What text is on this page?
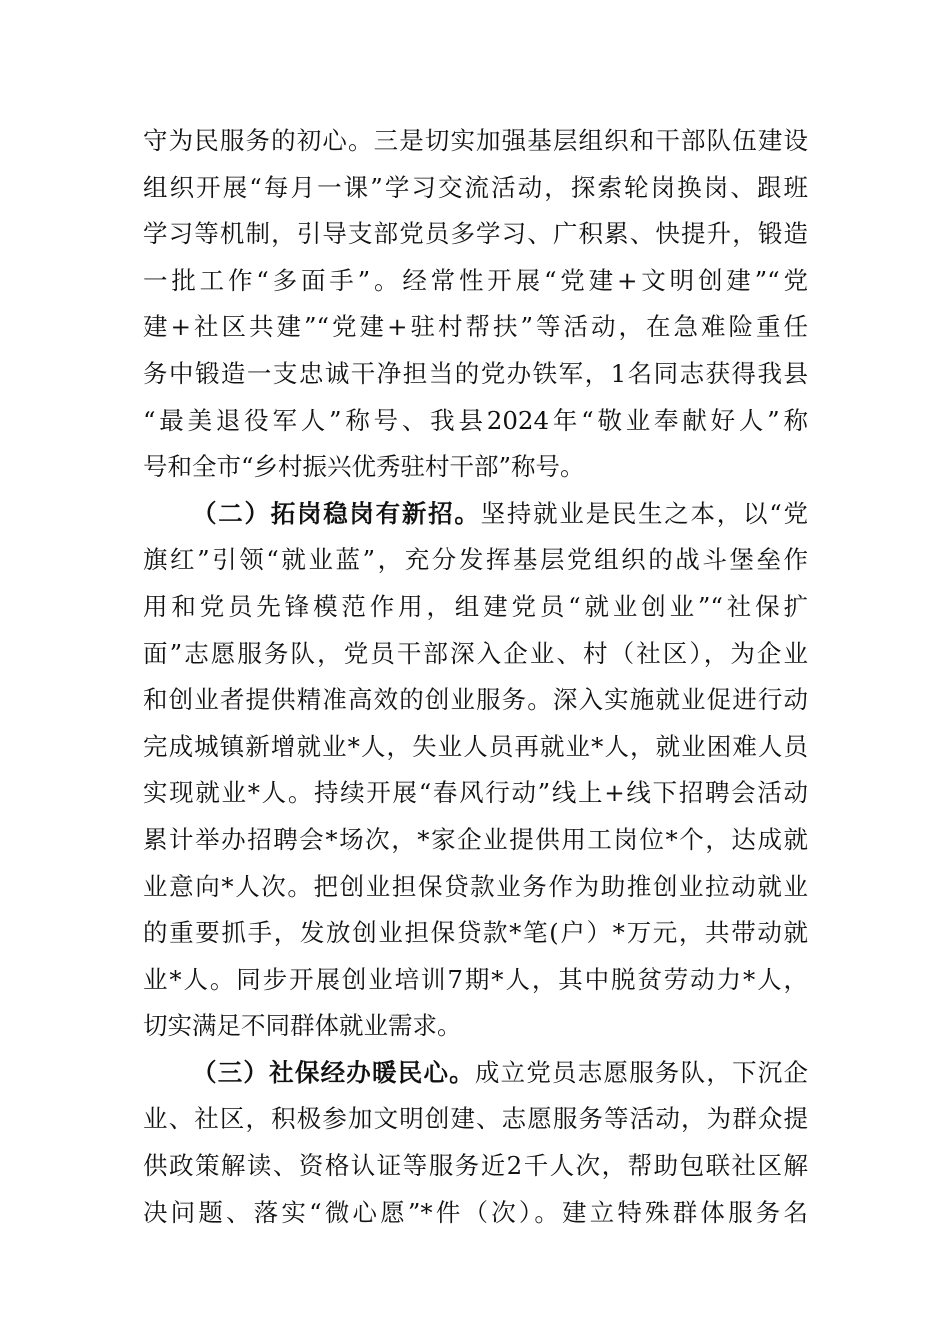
守为民服务的初心。三是切实加强基层组织和干部队伍建设
组织开展“每月一课”学习交流活动，探索轮岗换岗、跟班
学习等机制，引导支部党员多学习、广积累、快提升，锻造
一批工作“多面手”。经常性开展“党建+文明创建”“党
建+社区共建”“党建+驻村帮扶”等活动，在急难险重任
务中锻造一支忠诚干净担当的党办铁军，1名同志获得我县
“最美退役军人”称号、我县2024年“敬业奉献好人”称
号和全市“乡村振兴优秀驻村干部”称号。
（二）拓岗稳岗有新招。坚持就业是民生之本，以“党
旗红”引领“就业蓝”，充分发挥基层党组织的战斗堡垒作
用和党员先锋模范作用，组建党员“就业创业”“社保扩
面”志愿服务队，党员干部深入企业、村（社区），为企业
和创业者提供精准高效的创业服务。深入实施就业促进行动
完成城镇新增就业*人，失业人员再就业*人，就业困难人员
实现就业*人。持续开展“春风行动”线上+线下招聘会活动
累计举办招聘会*场次，*家企业提供用工岗位*个，达成就
业意向*人次。把创业担保贷款业务作为助推创业拉动就业
的重要抓手，发放创业担保贷款*笔(户）*万元，共带动就
业*人。同步开展创业培训7期*人，其中脱贫劳动力*人，
切实满足不同群体就业需求。
（三）社保经办暖民心。成立党员志愿服务队，下沉企
业、社区，积极参加文明创建、志愿服务等活动，为群众提
供政策解读、资格认证等服务近2千人次，帮助包联社区解
决问题、落实“微心愿”*件（次）。建立特殊群体服务名
